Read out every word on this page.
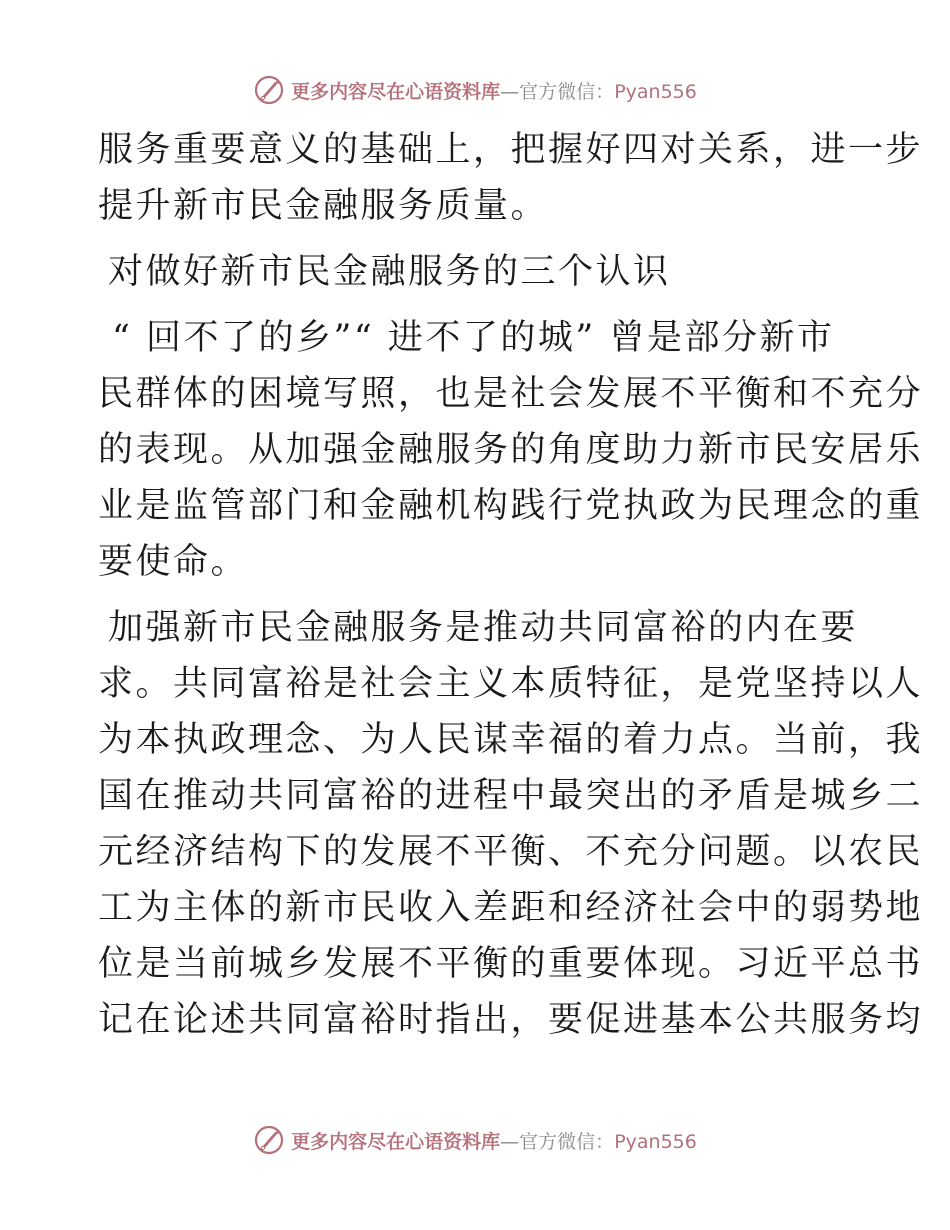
更多内容尽在心语资料库—官方微信：Pyan556

服务重要意义的基础上，把握好四对关系，进一步
提升新市民金融服务质量。

对做好新市民金融服务的三个认识

“ 回不了的乡”“ 进不了的城” 曾是部分新市
民群体的困境写照，也是社会发展不平衡和不充分
的表现。从加强金融服务的角度助力新市民安居乐
业是监管部门和金融机构践行党执政为民理念的重
要使命。

加强新市民金融服务是推动共同富裕的内在要
求。共同富裕是社会主义本质特征，是党坚持以人
为本执政理念、为人民谋幸福的着力点。当前，我
国在推动共同富裕的进程中最突出的矛盾是城乡二
元经济结构下的发展不平衡、不充分问题。以农民
工为主体的新市民收入差距和经济社会中的弱势地
位是当前城乡发展不平衡的重要体现。习近平总书
记在论述共同富裕时指出，要促进基本公共服务均

更多内容尽在心语资料库—官方微信：Pyan556
